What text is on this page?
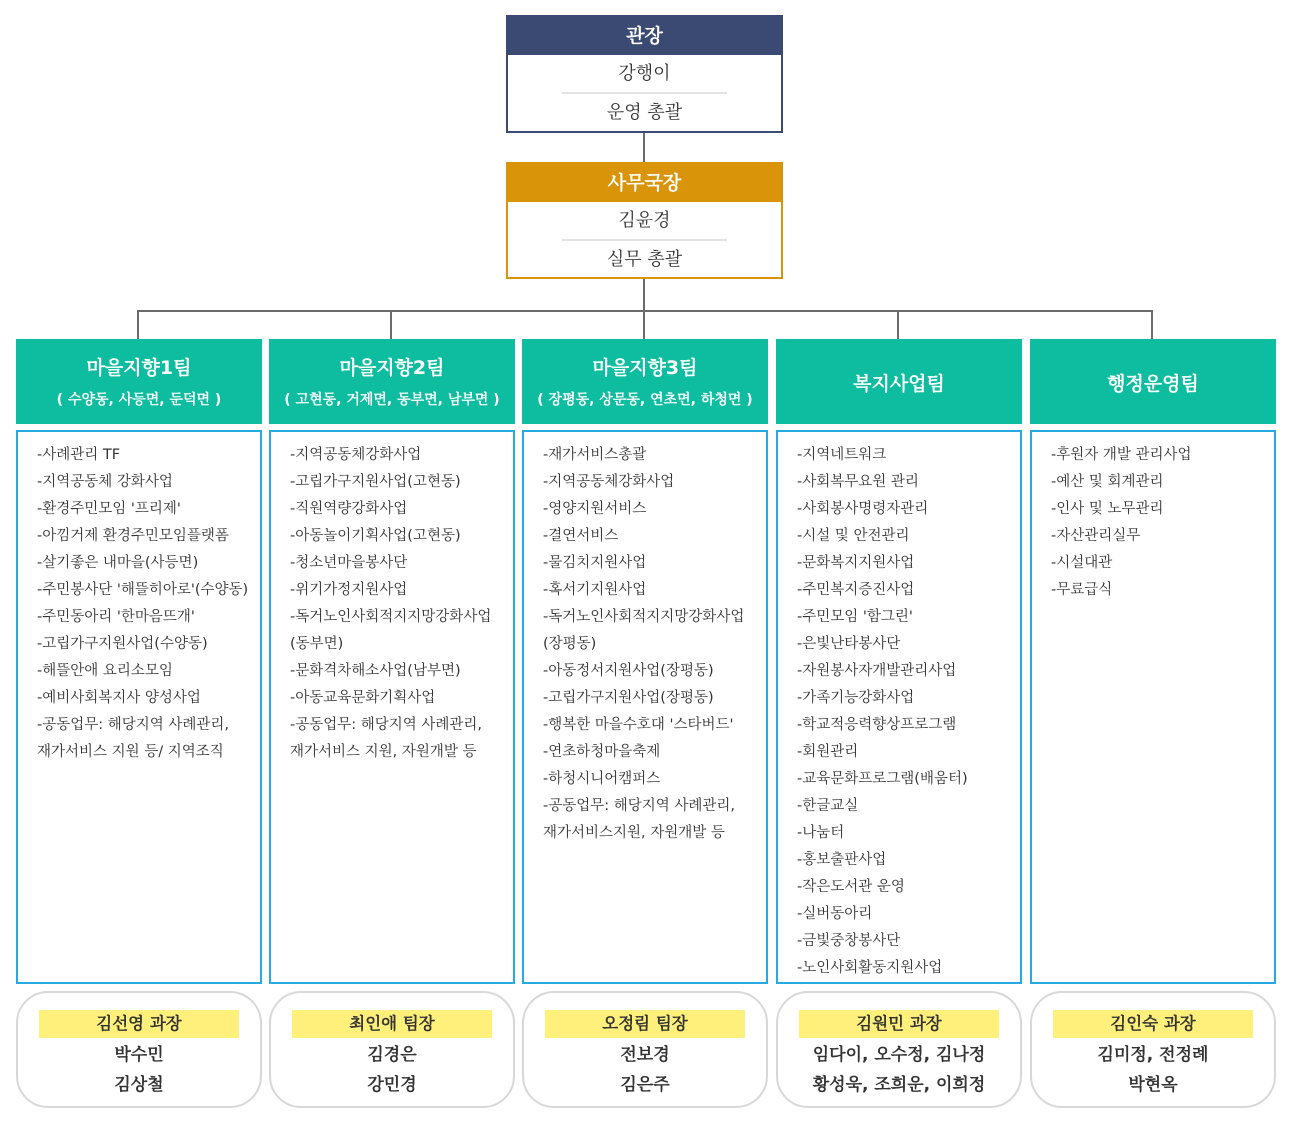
관장
강행이
운영 총괄
사무국장
김윤경
실무 총괄
마을지향1팀
( 수양동, 사등면, 둔덕면 )
-사례관리 TF
-지역공동체 강화사업
-환경주민모임 '프리제'
-아낌거제 환경주민모임플랫폼
-살기좋은 내마을(사등면)
-주민봉사단 '해뜰히아로'(수양동)
-주민동아리 '한마음뜨개'
-고립가구지원사업(수양동)
-해뜰안애 요리소모임
-예비사회복지사 양성사업
-공동업무: 해당지역 사례관리,
재가서비스 지원 등/ 지역조직
김선영 과장
박수민
김상철
마을지향2팀
( 고현동, 거제면, 동부면, 남부면 )
-지역공동체강화사업
-고립가구지원사업(고현동)
-직원역량강화사업
-아동놀이기획사업(고현동)
-청소년마을봉사단
-위기가정지원사업
-독거노인사회적지지망강화사업
(동부면)
-문화격차해소사업(남부면)
-아동교육문화기획사업
-공동업무: 해당지역 사례관리,
재가서비스 지원, 자원개발 등
최인애 팀장
김경은
강민경
마을지향3팀
( 장평동, 상문동, 연초면, 하청면 )
-재가서비스총괄
-지역공동체강화사업
-영양지원서비스
-결연서비스
-물김치지원사업
-혹서기지원사업
-독거노인사회적지지망강화사업
(장평동)
-아동정서지원사업(장평동)
-고립가구지원사업(장평동)
-행복한 마을수호대 '스타버드'
-연초하청마을축제
-하청시니어캠퍼스
-공동업무: 해당지역 사례관리,
재가서비스지원, 자원개발 등
오정림 팀장
전보경
김은주
복지사업팀
-지역네트워크
-사회복무요원 관리
-사회봉사명령자관리
-시설 및 안전관리
-문화복지지원사업
-주민복지증진사업
-주민모임 '함그린'
-은빛난타봉사단
-자원봉사자개발관리사업
-가족기능강화사업
-학교적응력향상프로그램
-회원관리
-교육문화프로그램(배움터)
-한글교실
-나눔터
-홍보출판사업
-작은도서관 운영
-실버동아리
-금빛중창봉사단
-노인사회활동지원사업
김원민 과장
임다이, 오수정, 김나정
황성욱, 조희운, 이희정
행정운영팀
-후원자 개발 관리사업
-예산 및 회계관리
-인사 및 노무관리
-자산관리실무
-시설대관
-무료급식
김인숙 과장
김미정, 전정례
박현옥
